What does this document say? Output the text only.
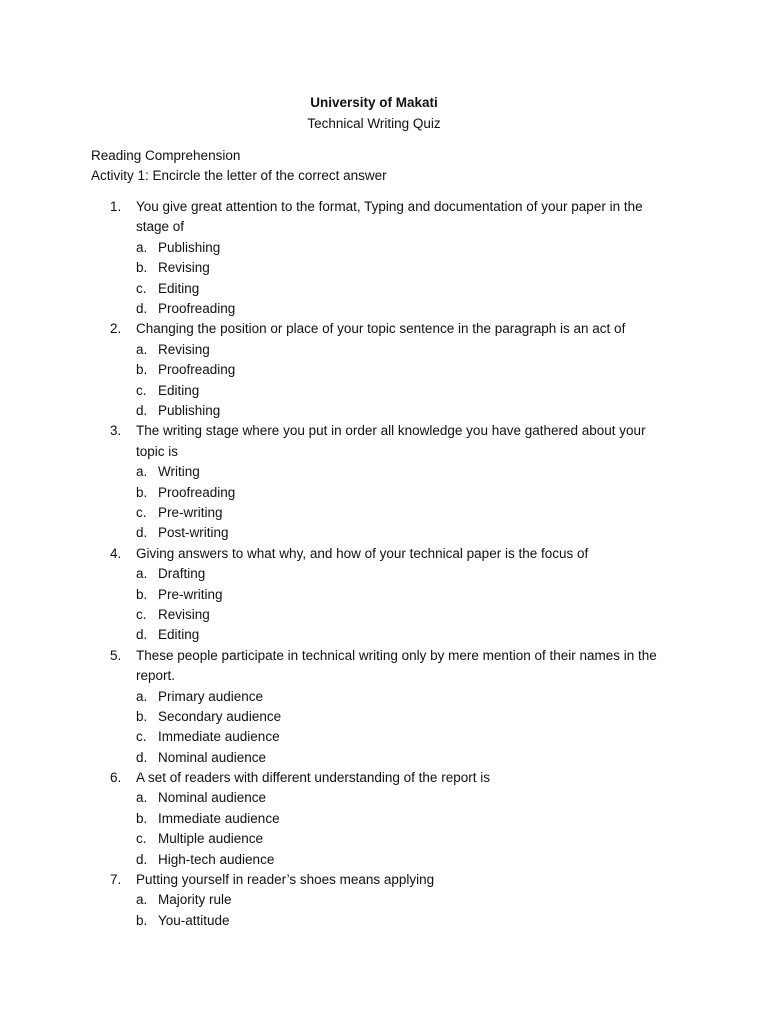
University of Makati
Technical Writing Quiz
Reading Comprehension
Activity 1: Encircle the letter of the correct answer
1.	You give great attention to the format, Typing and documentation of your paper in the stage of
a. Publishing
b. Revising
c. Editing
d. Proofreading
2.	Changing the position or place of your topic sentence in the paragraph is an act of
a. Revising
b. Proofreading
c. Editing
d. Publishing
3.	The writing stage where you put in order all knowledge you have gathered about your topic is
a. Writing
b. Proofreading
c. Pre-writing
d. Post-writing
4.	Giving answers to what why, and how of your technical paper is the focus of
a. Drafting
b. Pre-writing
c. Revising
d. Editing
5.	These people participate in technical writing only by mere mention of their names in the report.
a. Primary audience
b. Secondary audience
c. Immediate audience
d. Nominal audience
6.	A set of readers with different understanding of the report is
a. Nominal audience
b. Immediate audience
c. Multiple audience
d. High-tech audience
7.	Putting yourself in reader’s shoes means applying
a. Majority rule
b. You-attitude
